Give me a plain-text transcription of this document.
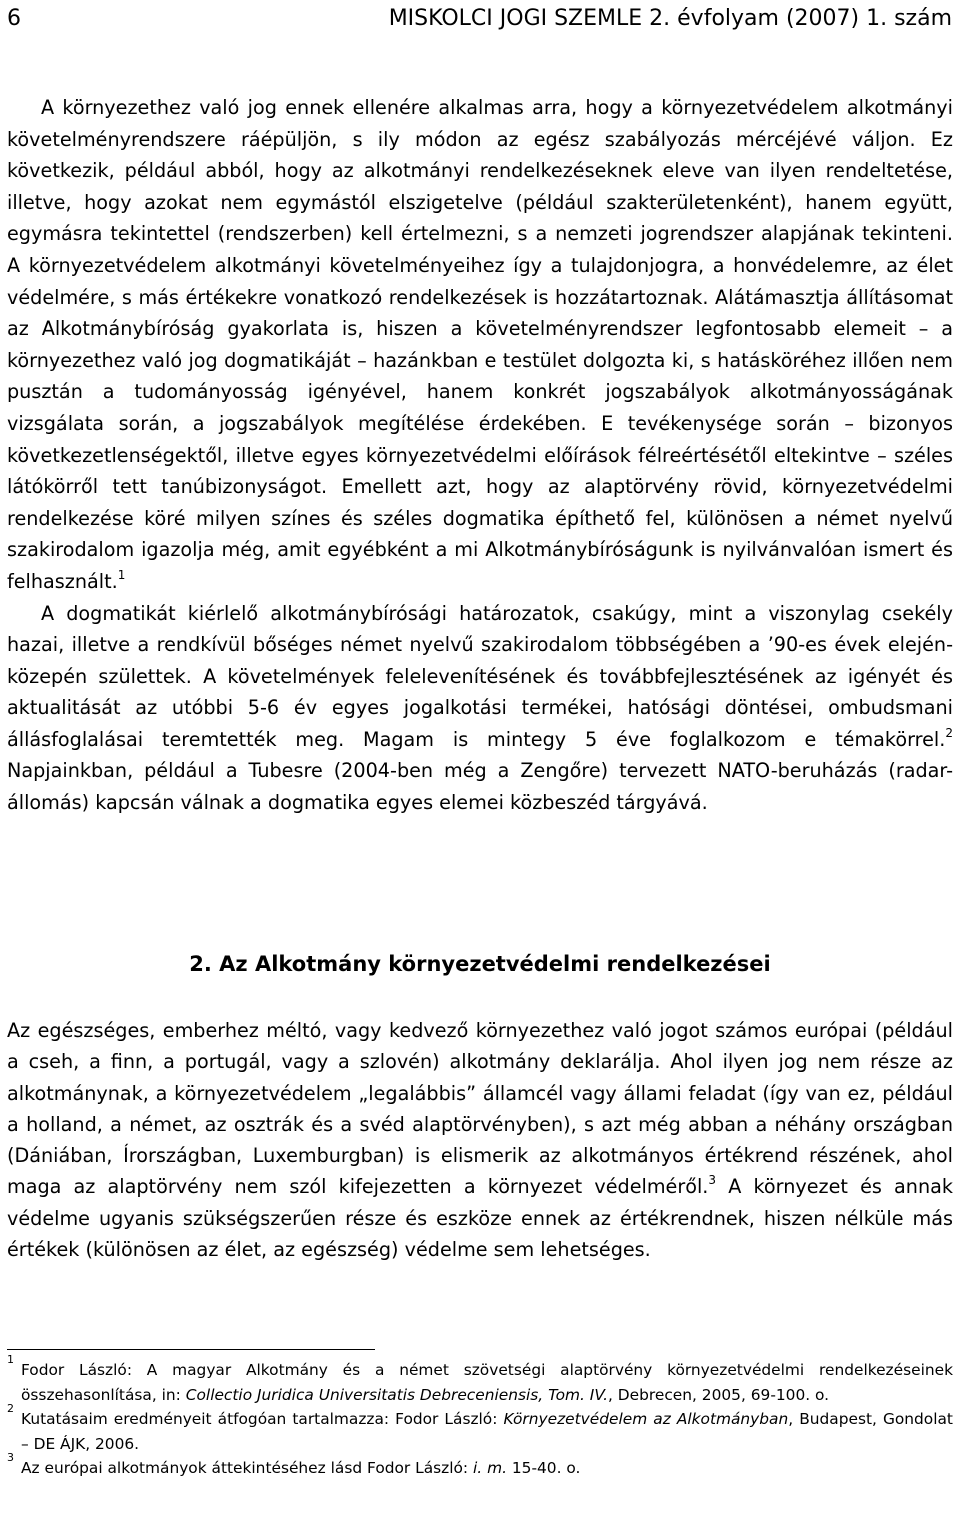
6	MISKOLCI JOGI SZEMLE 2. évfolyam (2007) 1. szám

A környezethez való jog ennek ellenére alkalmas arra, hogy a környezetvédelem alkotmányi követelményrendszere ráépüljön, s ily módon az egész szabályozás mércéjévé váljon. Ez következik, például abból, hogy az alkotmányi rendelkezéseknek eleve van ilyen rendeltetése, illetve, hogy azokat nem egymástól elszigetelve (például szakterületenként), hanem együtt, egymásra tekintettel (rendszerben) kell értelmezni, s a nemzeti jogrendszer alapjának tekinteni. A környezetvédelem alkotmányi követelményeihez így a tulajdonjogra, a honvédelemre, az élet védelmére, s más értékekre vonatkozó rendelkezések is hozzátartoznak. Alátámasztja állításomat az Alkotmánybíróság gyakorlata is, hiszen a követelményrendszer legfontosabb elemeit – a környezethez való jog dogmatikáját – hazánkban e testület dolgozta ki, s hatásköréhez illően nem pusztán a tudományosság igényével, hanem konkrét jogszabályok alkotmányosságának vizsgálata során, a jogszabályok megítélése érdekében. E tevékenysége során – bizonyos következetlenségektől, illetve egyes környezetvédelmi előírások félreértésétől eltekintve – széles látókörről tett tanúbizonyságot. Emellett azt, hogy az alaptörvény rövid, környezetvédelmi rendelkezése köré milyen színes és széles dogmatika építhető fel, különösen a német nyelvű szakirodalom igazolja még, amit egyébként a mi Alkotmánybíróságunk is nyilvánvalóan ismert és felhasznált.$^1$

A dogmatikát kiérlelő alkotmánybírósági határozatok, csakúgy, mint a viszonylag csekély hazai, illetve a rendkívül bőséges német nyelvű szakirodalom többségében a ’90-es évek elején-közepén születtek. A követelmények felelevenítésének és továbbfejlesztésének az igényét és aktualitását az utóbbi 5-6 év egyes jogalkotási termékei, hatósági döntései, ombudsmani állásfoglalásai teremtették meg. Magam is mintegy 5 éve foglalkozom e témakörrel.$^2$ Napjainkban, például a Tubesre (2004-ben még a Zengőre) tervezett NATO-beruházás (radar-állomás) kapcsán válnak a dogmatika egyes elemei közbeszéd tárgyává.

2. Az Alkotmány környezetvédelmi rendelkezései

Az egészséges, emberhez méltó, vagy kedvező környezethez való jogot számos európai (például a cseh, a finn, a portugál, vagy a szlovén) alkotmány deklarálja. Ahol ilyen jog nem része az alkotmánynak, a környezetvédelem „legalábbis” államcél vagy állami feladat (így van ez, például a holland, a német, az osztrák és a svéd alaptörvényben), s azt még abban a néhány országban (Dániában, Írországban, Luxemburgban) is elismerik az alkotmányos értékrend részének, ahol maga az alaptörvény nem szól kifejezetten a környezet védelméről.$^3$ A környezet és annak védelme ugyanis szükségszerűen része és eszköze ennek az értékrendnek, hiszen nélküle más értékek (különösen az élet, az egészség) védelme sem lehetséges.

1
Fodor László: A magyar Alkotmány és a német szövetségi alaptörvény környezetvédelmi rendelkezéseinek összehasonlítása, in: Collectio Juridica Universitatis Debreceniensis, Tom. IV., Debrecen, 2005, 69-100. o.
2
Kutatásaim eredményeit átfogóan tartalmazza: Fodor László: Környezetvédelem az Alkotmányban, Budapest, Gondolat – DE ÁJK, 2006.
3
Az európai alkotmányok áttekintéséhez lásd Fodor László: i. m. 15-40. o.
